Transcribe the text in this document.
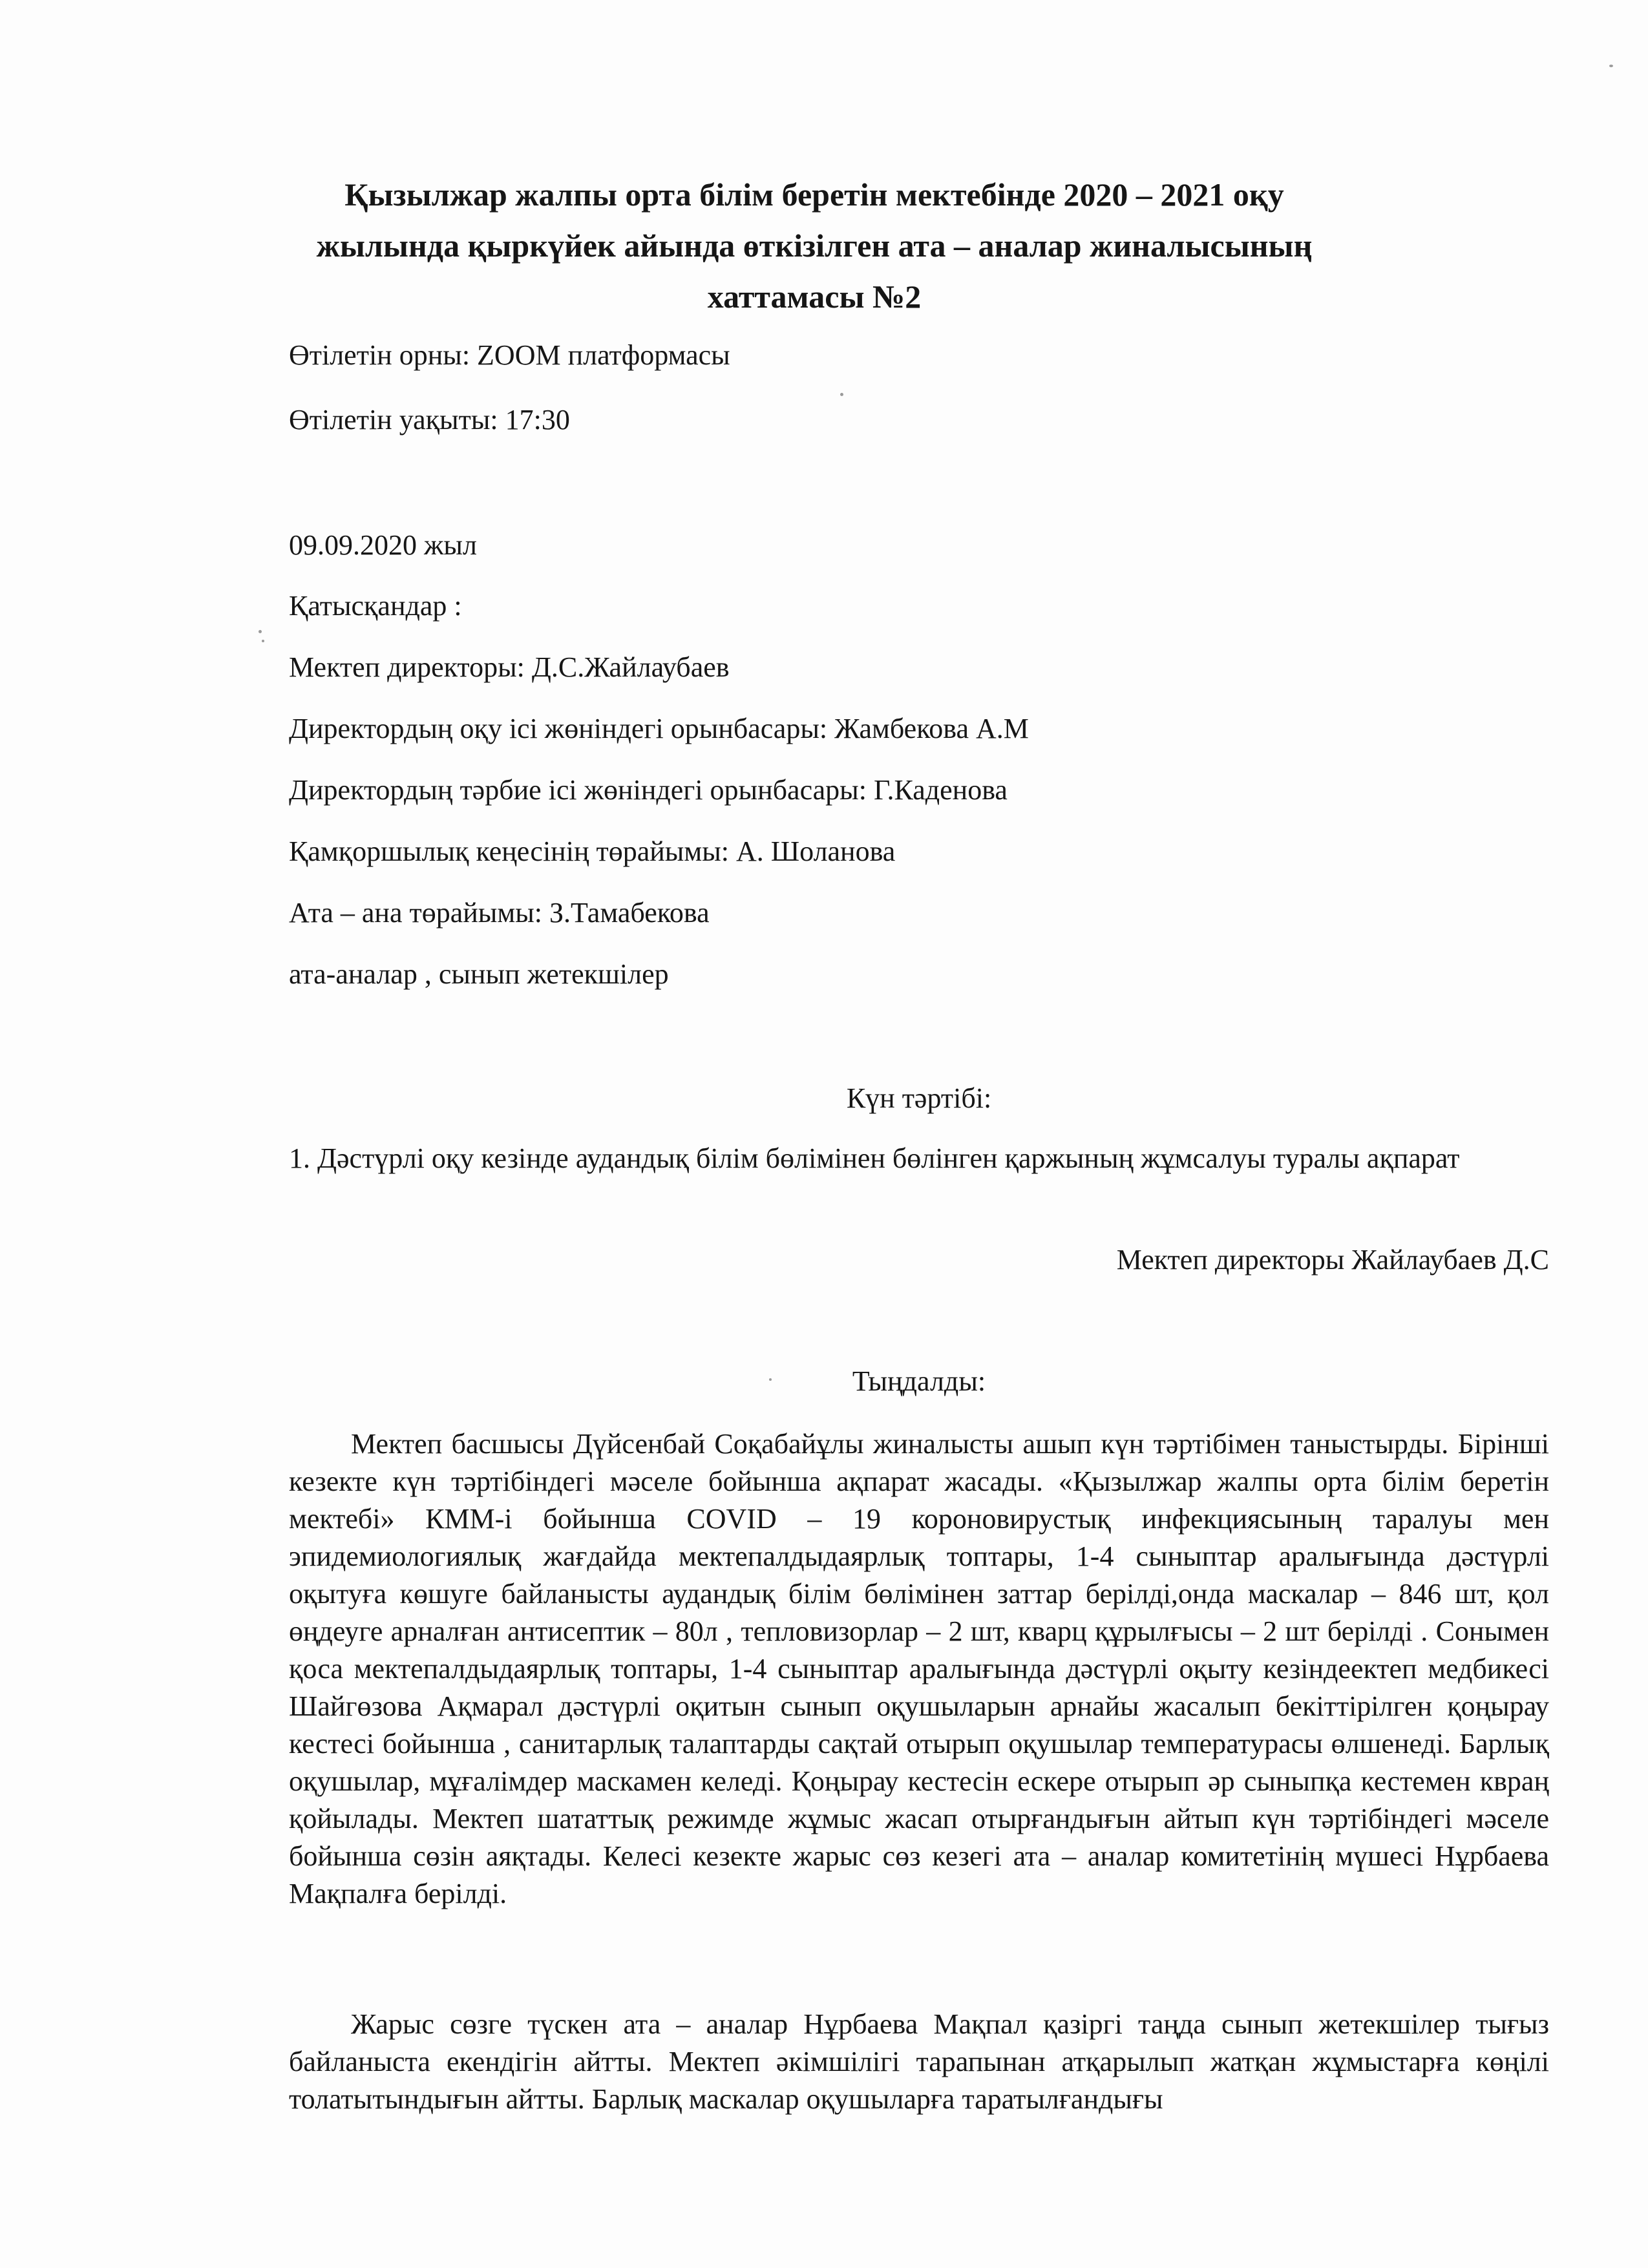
Қызылжар жалпы орта білім беретін мектебінде 2020 – 2021 оқу жылында қыркүйек айында өткізілген ата – аналар жиналысының хаттамасы №2
Өтілетін орны: ZOOM платформасы
Өтілетін уақыты: 17:30
09.09.2020 жыл
Қатысқандар :
Мектеп директоры: Д.С.Жайлаубаев
Директордың оқу ісі жөніндегі орынбасары: Жамбекова А.М
Директордың тәрбие ісі жөніндегі орынбасары: Г.Каденова
Қамқоршылық кеңесінің төрайымы: А. Шоланова
Ата – ана төрайымы: З.Тамабекова
ата-аналар , сынып жетекшілер
Күн тәртібі:
1. Дәстүрлі оқу кезінде аудандық білім бөлімінен бөлінген қаржының жұмсалуы туралы ақпарат
Мектеп директоры Жайлаубаев Д.С
Тыңдалды:

Мектеп басшысы Дүйсенбай Соқабайұлы жиналысты ашып күн тәртібімен таныстырды. Бірінші кезекте күн тәртібіндегі мәселе бойынша ақпарат жасады. «Қызылжар жалпы орта білім беретін мектебі» КММ-і бойынша COVID – 19 короновирустық инфекциясының таралуы мен эпидемиологиялық жағдайда мектепалдыдаярлық топтары, 1-4 сыныптар аралығында дәстүрлі оқытуға көшуге байланысты аудандық білім бөлімінен заттар берілді,онда маскалар – 846 шт, қол өңдеуге арналған антисептик – 80л , тепловизорлар – 2 шт, кварц құрылғысы – 2 шт берілді . Сонымен қоса мектепалдыдаярлық топтары, 1-4 сыныптар аралығында дәстүрлі оқыту кезіндеектеп медбикесі Шайгөзова Ақмарал дәстүрлі оқитын сынып оқушыларын арнайы жасалып бекіттірілген қоңырау кестесі бойынша , санитарлық талаптарды сақтай отырып оқушылар температурасы өлшенеді. Барлық оқушылар, мұғалімдер маскамен келеді. Қоңырау кестесін ескере отырып әр сыныпқа кестемен квраң қойылады. Мектеп шататтық режимде жұмыс жасап отырғандығын айтып күн тәртібіндегі мәселе бойынша сөзін аяқтады. Келесі кезекте жарыс сөз кезегі ата – аналар комитетінің мүшесі Нұрбаева Мақпалға берілді.

Жарыс сөзге түскен ата – аналар Нұрбаева Мақпал қазіргі таңда сынып жетекшілер тығыз байланыста екендігін айтты. Мектеп әкімшілігі тарапынан атқарылып жатқан жұмыстарға көңілі толатытындығын айтты. Барлық маскалар оқушыларға таратылғандығы
